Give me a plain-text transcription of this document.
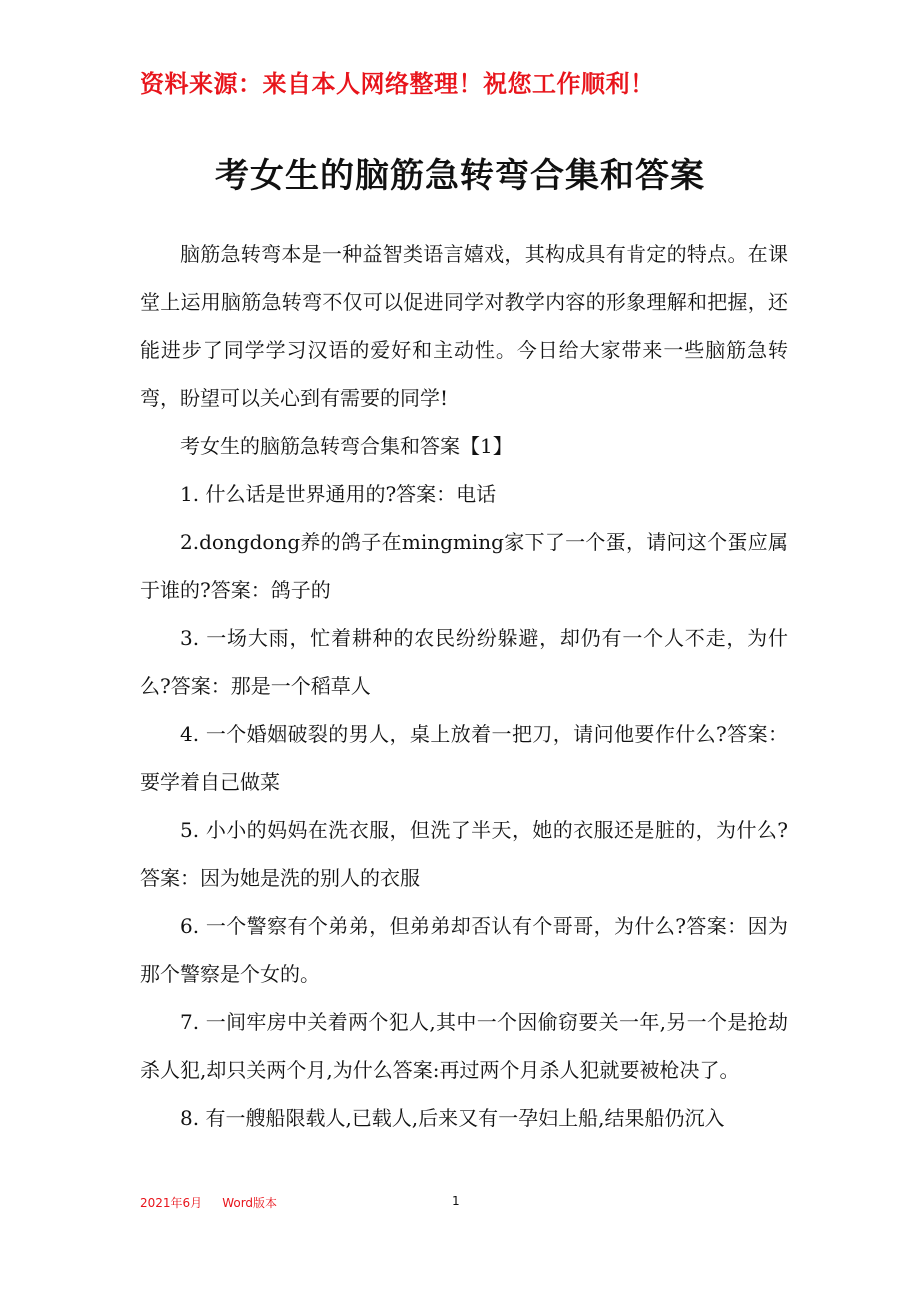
资料来源：来自本人网络整理！祝您工作顺利！
考女生的脑筋急转弯合集和答案

脑筋急转弯本是一种益智类语言嬉戏，其构成具有肯定的特点。在课堂上运用脑筋急转弯不仅可以促进同学对教学内容的形象理解和把握，还能进步了同学学习汉语的爱好和主动性。今日给大家带来一些脑筋急转弯，盼望可以关心到有需要的同学!

考女生的脑筋急转弯合集和答案【1】

1. 什么话是世界通用的?答案：电话

2.dongdong养的鸽子在mingming家下了一个蛋，请问这个蛋应属于谁的?答案：鸽子的

3. 一场大雨，忙着耕种的农民纷纷躲避，却仍有一个人不走，为什么?答案：那是一个稻草人

4. 一个婚姻破裂的男人，桌上放着一把刀，请问他要作什么?答案：要学着自己做菜

5. 小小的妈妈在洗衣服，但洗了半天，她的衣服还是脏的，为什么?答案：因为她是洗的别人的衣服

6. 一个警察有个弟弟，但弟弟却否认有个哥哥，为什么?答案：因为那个警察是个女的。

7. 一间牢房中关着两个犯人,其中一个因偷窃要关一年,另一个是抢劫杀人犯,却只关两个月,为什么答案:再过两个月杀人犯就要被枪决了。

8. 有一艘船限载人,已载人,后来又有一孕妇上船,结果船仍沉入

2021年6月 Word版本	1
